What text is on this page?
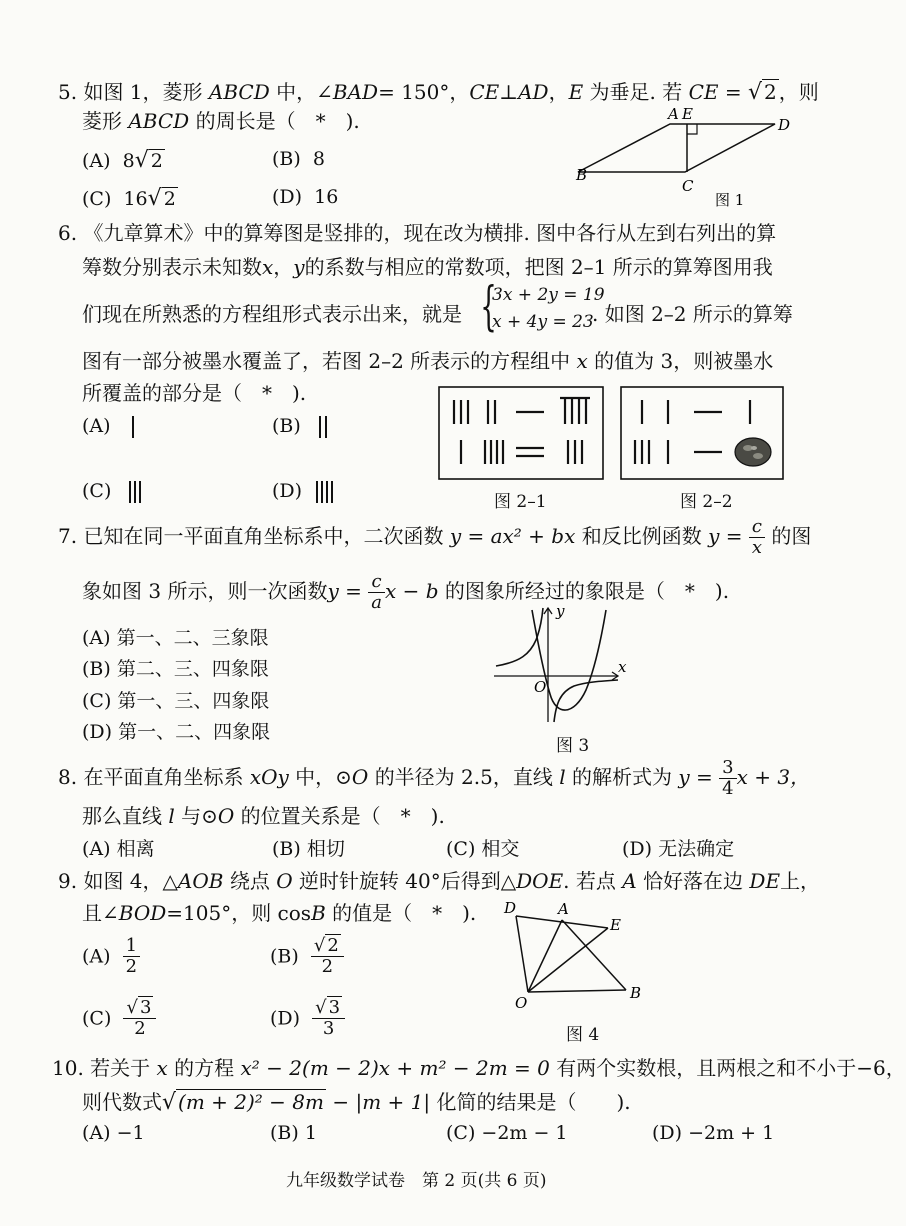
5. 如图 1，菱形 ABCD 中，∠BAD= 150°，CE⊥AD，E 为垂足. 若 CE = √ 2 ，则
菱形 ABCD 的周长是（　*　).
(A) 8√ 2	(B) 8
(C) 16√ 2	(D) 16
A E
D
B
C
图 1
6. 《九章算术》中的算筹图是竖排的，现在改为横排. 图中各行从左到右列出的算
筹数分别表示未知数x，y的系数与相应的常数项，把图 2–1 所示的算筹图用我
们现在所熟悉的方程组形式表示出来，就是 {
3x + 2y = 19
x + 4y = 23
. 如图 2–2 所示的算筹
图有一部分被墨水覆盖了，若图 2–2 所表示的方程组中 x 的值为 3，则被墨水
所覆盖的部分是（　*　).
(A)	(B)
(C)	(D)	图 2–1	图 2–2
7. 已知在同一平面直角坐标系中，二次函数 y = ax² + bx 和反比例函数 $y = \frac{c}{x}$ 的图
象如图 3 所示，则一次函数$y = \frac{c}{a}$ x − b 的图象所经过的象限是（　*　).
(A) 第一、二、三象限
(B) 第二、三、四象限
(C) 第一、三、四象限
(D) 第一、二、四象限
y
x
O
图 3
8. 在平面直角坐标系 xOy 中，⊙O 的半径为 2.5，直线 l 的解析式为 $y = \frac{3}{4}$ x + 3，
那么直线 l 与⊙O 的位置关系是（　*　).
(A) 相离	(B) 相切	(C) 相交	(D) 无法确定
9. 如图 4，△AOB 绕点 O 逆时针旋转 40°后得到△DOE. 若点 A 恰好落在边 DE上，
且∠BOD=105°，则 cosB 的值是（　*　).
$(A) \frac{1}{2}$	$(B) \frac{√ 2}{2}$
$(C) \frac{√ 3}{2}$	$(D) \frac{√ 3}{3}$
D	A
E
O
B
图 4
10. 若关于 x 的方程 x² − 2(m − 2)x + m² − 2m = 0 有两个实数根，且两根之和不小于−6，
则代数式√ (m + 2)² − 8m − |m + 1| 化简的结果是（　　).
(A) −1	(B) 1	(C) −2m − 1	(D) −2m + 1
九年级数学试卷　第 2 页(共 6 页)
